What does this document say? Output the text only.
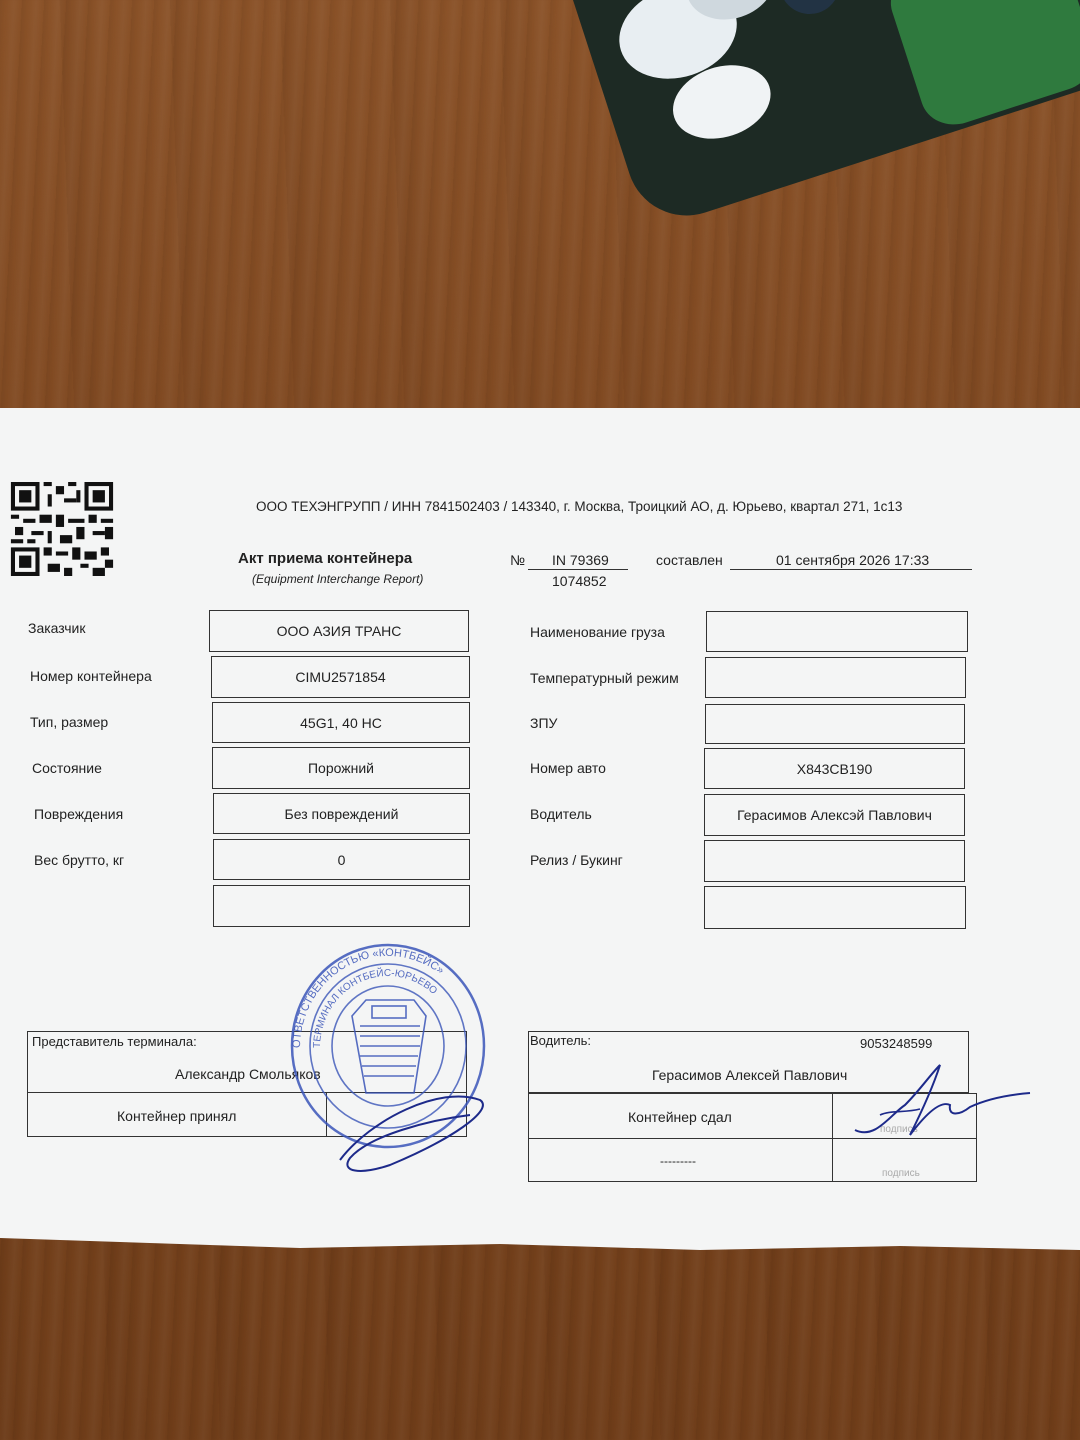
ООО ТЕХЭНГРУПП / ИНН 7841502403 / 143340, г. Москва, Троицкий АО, д. Юрьево, квартал 271, 1с13
Акт приема контейнера
(Equipment Interchange Report)
№ IN 79369
1074852
составлен	01 сентября 2026 17:33
Заказчик
Номер контейнера
Тип, размер
Состояние
Повреждения
Вес брутто, кг
ООО АЗИЯ ТРАНС
CIMU2571854
45G1, 40 HC
Порожний
Без повреждений
0
Наименование груза
Температурный режим
ЗПУ
Номер авто
Водитель
Релиз / Букинг
Х843СВ190
Герасимов Алексэй Павлович
Представитель терминала:
Александр Смольяков
Контейнер принял
Водитель:	9053248599
Герасимов Алексей Павлович
Контейнер сдал
---------
подпись
подпись
ОТВЕТСТВЕННОСТЬЮ «КОНТБЕЙС»
ТЕРМИНАЛ КОНТБЕЙС-ЮРЬЕВО
